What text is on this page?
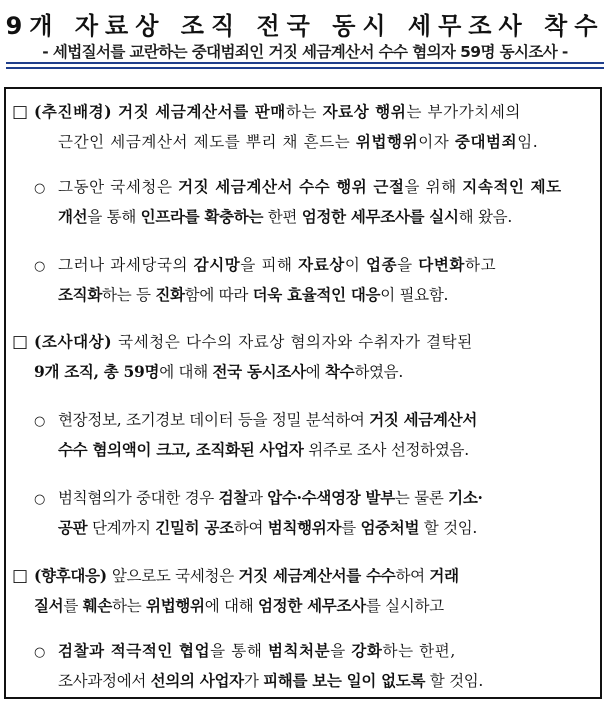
9개 자료상 조직 전국 동시 세무조사 착수
- 세법질서를 교란하는 중대범죄인 거짓 세금계산서 수수 혐의자 59명 동시조사 -
□ (추진배경) 거짓 세금계산서를 판매하는 자료상 행위는 부가가치세의
근간인 세금계산서 제도를 뿌리 채 흔드는 위법행위이자 중대범죄임.
○ 그동안 국세청은 거짓 세금계산서 수수 행위 근절을 위해 지속적인 제도
개선을 통해 인프라를 확충하는 한편 엄정한 세무조사를 실시해 왔음.
○ 그러나 과세당국의 감시망을 피해 자료상이 업종을 다변화하고
조직화하는 등 진화함에 따라 더욱 효율적인 대응이 필요함.
□ (조사대상) 국세청은 다수의 자료상 혐의자와 수취자가 결탁된
9개 조직, 총 59명에 대해 전국 동시조사에 착수하였음.
○ 현장정보, 조기경보 데이터 등을 정밀 분석하여 거짓 세금계산서
수수 혐의액이 크고, 조직화된 사업자 위주로 조사 선정하였음.
○ 범칙혐의가 중대한 경우 검찰과 압수·수색영장 발부는 물론 기소·
공판 단계까지 긴밀히 공조하여 범칙행위자를 엄중처벌 할 것임.
□ (향후대응) 앞으로도 국세청은 거짓 세금계산서를 수수하여 거래
질서를 훼손하는 위법행위에 대해 엄정한 세무조사를 실시하고
○ 검찰과 적극적인 협업을 통해 범칙처분을 강화하는 한편,
조사과정에서 선의의 사업자가 피해를 보는 일이 없도록 할 것임.
